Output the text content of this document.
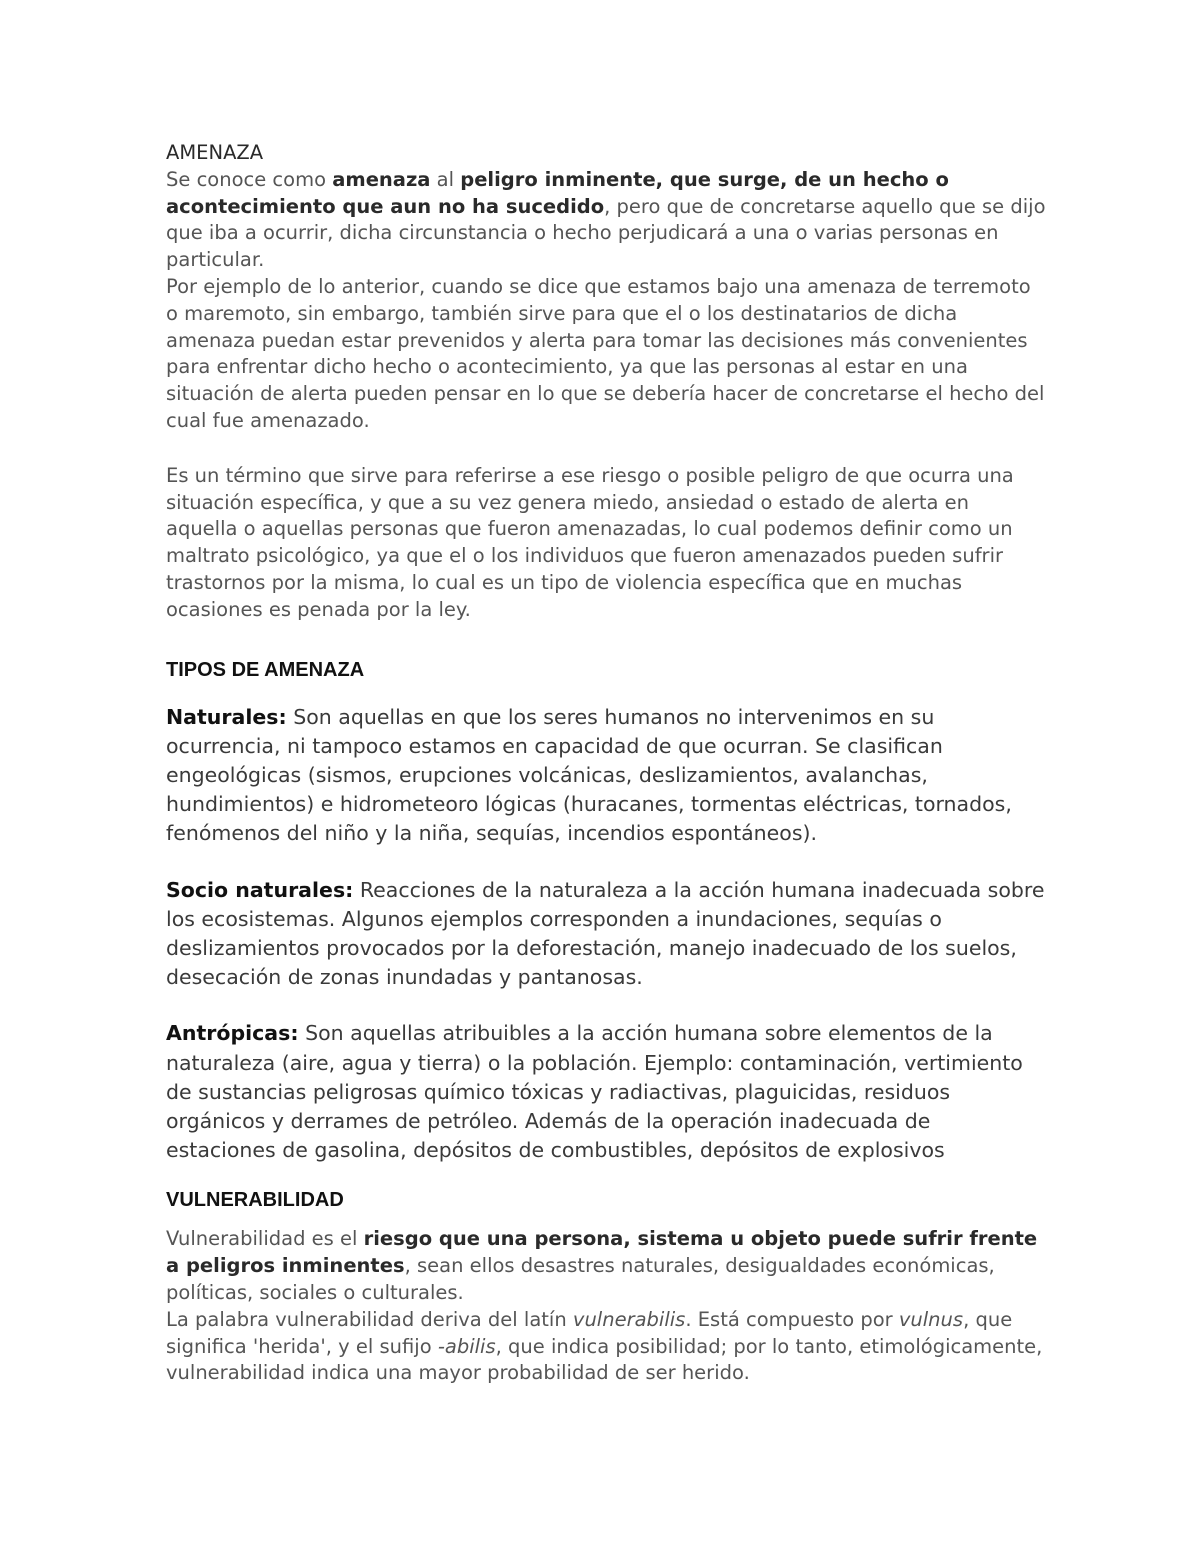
AMENAZA

Se conoce como amenaza al peligro inminente, que surge, de un hecho o acontecimiento que aun no ha sucedido, pero que de concretarse aquello que se dijo que iba a ocurrir, dicha circunstancia o hecho perjudicará a una o varias personas en particular.

Por ejemplo de lo anterior, cuando se dice que estamos bajo una amenaza de terremoto o maremoto, sin embargo, también sirve para que el o los destinatarios de dicha amenaza puedan estar prevenidos y alerta para tomar las decisiones más convenientes para enfrentar dicho hecho o acontecimiento, ya que las personas al estar en una situación de alerta pueden pensar en lo que se debería hacer de concretarse el hecho del cual fue amenazado.

Es un término que sirve para referirse a ese riesgo o posible peligro de que ocurra una situación específica, y que a su vez genera miedo, ansiedad o estado de alerta en aquella o aquellas personas que fueron amenazadas, lo cual podemos definir como un maltrato psicológico, ya que el o los individuos que fueron amenazados pueden sufrir trastornos por la misma, lo cual es un tipo de violencia específica que en muchas ocasiones es penada por la ley.

TIPOS DE AMENAZA

Naturales: Son aquellas en que los seres humanos no intervenimos en su ocurrencia, ni tampoco estamos en capacidad de que ocurran. Se clasifican engeológicas (sismos, erupciones volcánicas, deslizamientos, avalanchas, hundimientos) e hidrometeoro lógicas (huracanes, tormentas eléctricas, tornados, fenómenos del niño y la niña, sequías, incendios espontáneos).

Socio naturales: Reacciones de la naturaleza a la acción humana inadecuada sobre los ecosistemas. Algunos ejemplos corresponden a inundaciones, sequías o deslizamientos provocados por la deforestación, manejo inadecuado de los suelos, desecación de zonas inundadas y pantanosas.

Antrópicas: Son aquellas atribuibles a la acción humana sobre elementos de la naturaleza (aire, agua y tierra) o la población. Ejemplo: contaminación, vertimiento de sustancias peligrosas químico tóxicas y radiactivas, plaguicidas, residuos orgánicos y derrames de petróleo. Además de la operación inadecuada de estaciones de gasolina, depósitos de combustibles, depósitos de explosivos

VULNERABILIDAD

Vulnerabilidad es el riesgo que una persona, sistema u objeto puede sufrir frente a peligros inminentes, sean ellos desastres naturales, desigualdades económicas, políticas, sociales o culturales.

La palabra vulnerabilidad deriva del latín vulnerabilis. Está compuesto por vulnus, que significa 'herida', y el sufijo -abilis, que indica posibilidad; por lo tanto, etimológicamente, vulnerabilidad indica una mayor probabilidad de ser herido.
